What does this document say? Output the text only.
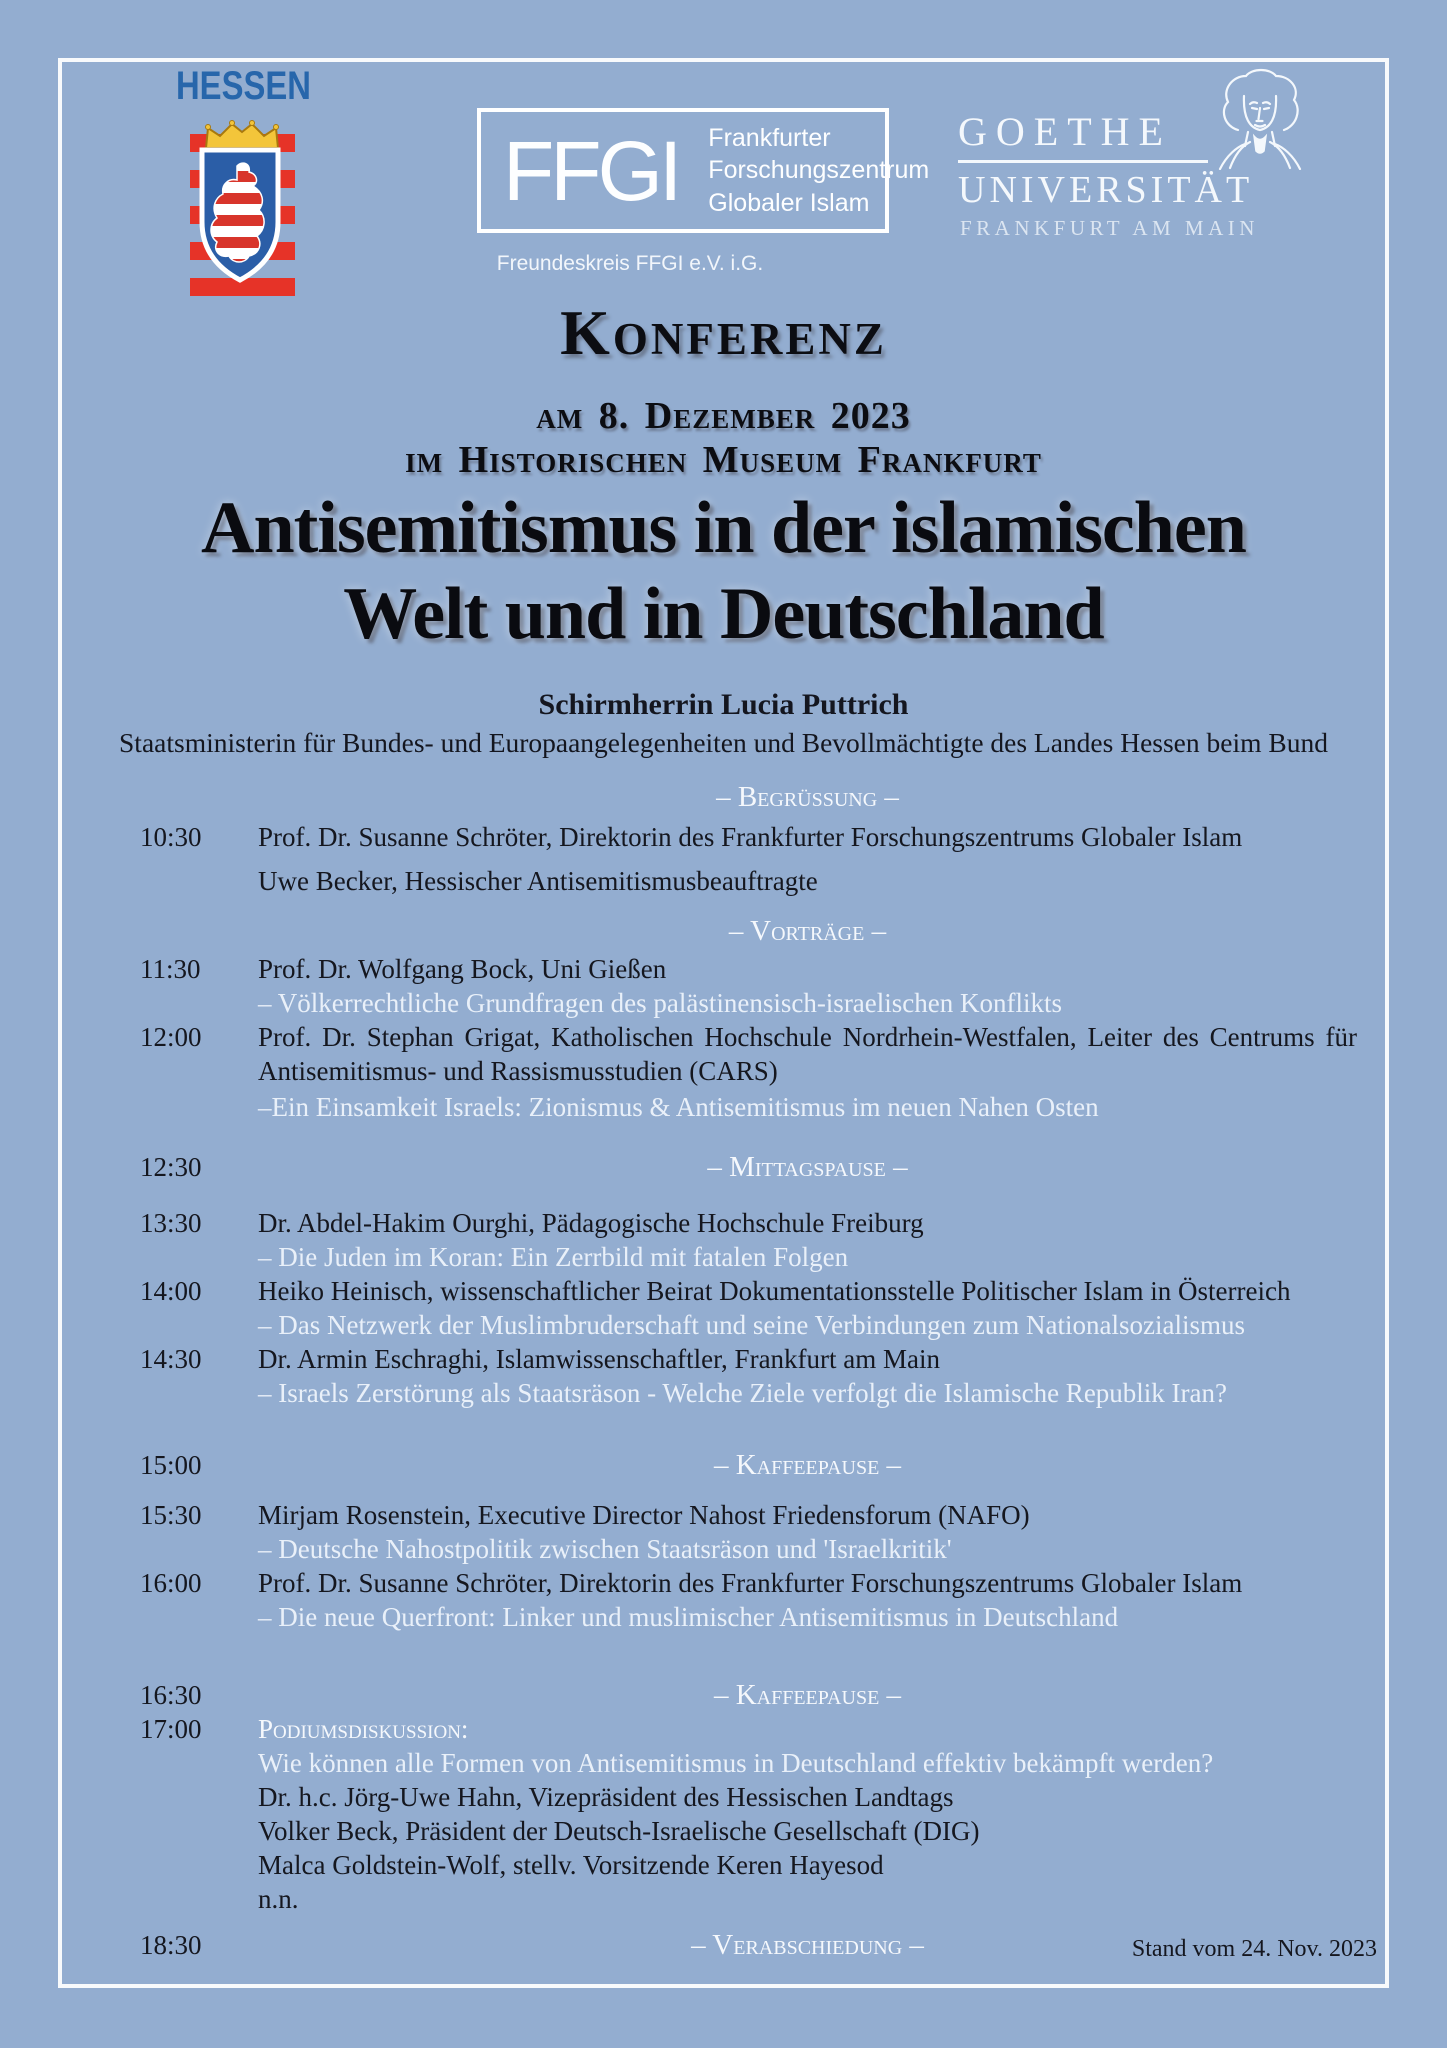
HESSEN
FFGI Frankfurter
Forschungszentrum
Globaler Islam
Freundeskreis FFGI e.V. i.G.
GOETHE
UNIVERSITÄT
FRANKFURT AM MAIN
Konferenz
am 8. Dezember 2023
im Historischen Museum Frankfurt
Antisemitismus in der islamischen
Welt und in Deutschland
Schirmherrin Lucia Puttrich
Staatsministerin für Bundes- und Europaangelegenheiten und Bevollmächtigte des Landes Hessen beim Bund
– Begrüßung –
10:30	Prof. Dr. Susanne Schröter, Direktorin des Frankfurter Forschungszentrums Globaler Islam
Uwe Becker, Hessischer Antisemitismusbeauftragte
– Vorträge –
11:30	Prof. Dr. Wolfgang Bock, Uni Gießen
– Völkerrechtliche Grundfragen des palästinensisch-israelischen Konflikts
12:00	Prof. Dr. Stephan Grigat, Katholischen Hochschule Nordrhein-Westfalen, Leiter des Centrums für Antisemitismus- und Rassismusstudien (CARS)
–Ein Einsamkeit Israels: Zionismus & Antisemitismus im neuen Nahen Osten
12:30	– Mittagspause –
13:30	Dr. Abdel-Hakim Ourghi, Pädagogische Hochschule Freiburg
– Die Juden im Koran: Ein Zerrbild mit fatalen Folgen
14:00	Heiko Heinisch, wissenschaftlicher Beirat Dokumentationsstelle Politischer Islam in Österreich
– Das Netzwerk der Muslimbruderschaft und seine Verbindungen zum Nationalsozialismus
14:30	Dr. Armin Eschraghi, Islamwissenschaftler, Frankfurt am Main
– Israels Zerstörung als Staatsräson - Welche Ziele verfolgt die Islamische Republik Iran?
15:00	– Kaffeepause –
15:30	Mirjam Rosenstein, Executive Director Nahost Friedensforum (NAFO)
– Deutsche Nahostpolitik zwischen Staatsräson und 'Israelkritik'
16:00	Prof. Dr. Susanne Schröter, Direktorin des Frankfurter Forschungszentrums Globaler Islam
– Die neue Querfront: Linker und muslimischer Antisemitismus in Deutschland
16:30	– Kaffeepause –
17:00	Podiumsdiskussion:
Wie können alle Formen von Antisemitismus in Deutschland effektiv bekämpft werden?
Dr. h.c. Jörg-Uwe Hahn, Vizepräsident des Hessischen Landtags
Volker Beck, Präsident der Deutsch-Israelische Gesellschaft (DIG)
Malca Goldstein-Wolf, stellv. Vorsitzende Keren Hayesod
n.n.
18:30	– Verabschiedung –	Stand vom 24. Nov. 2023
